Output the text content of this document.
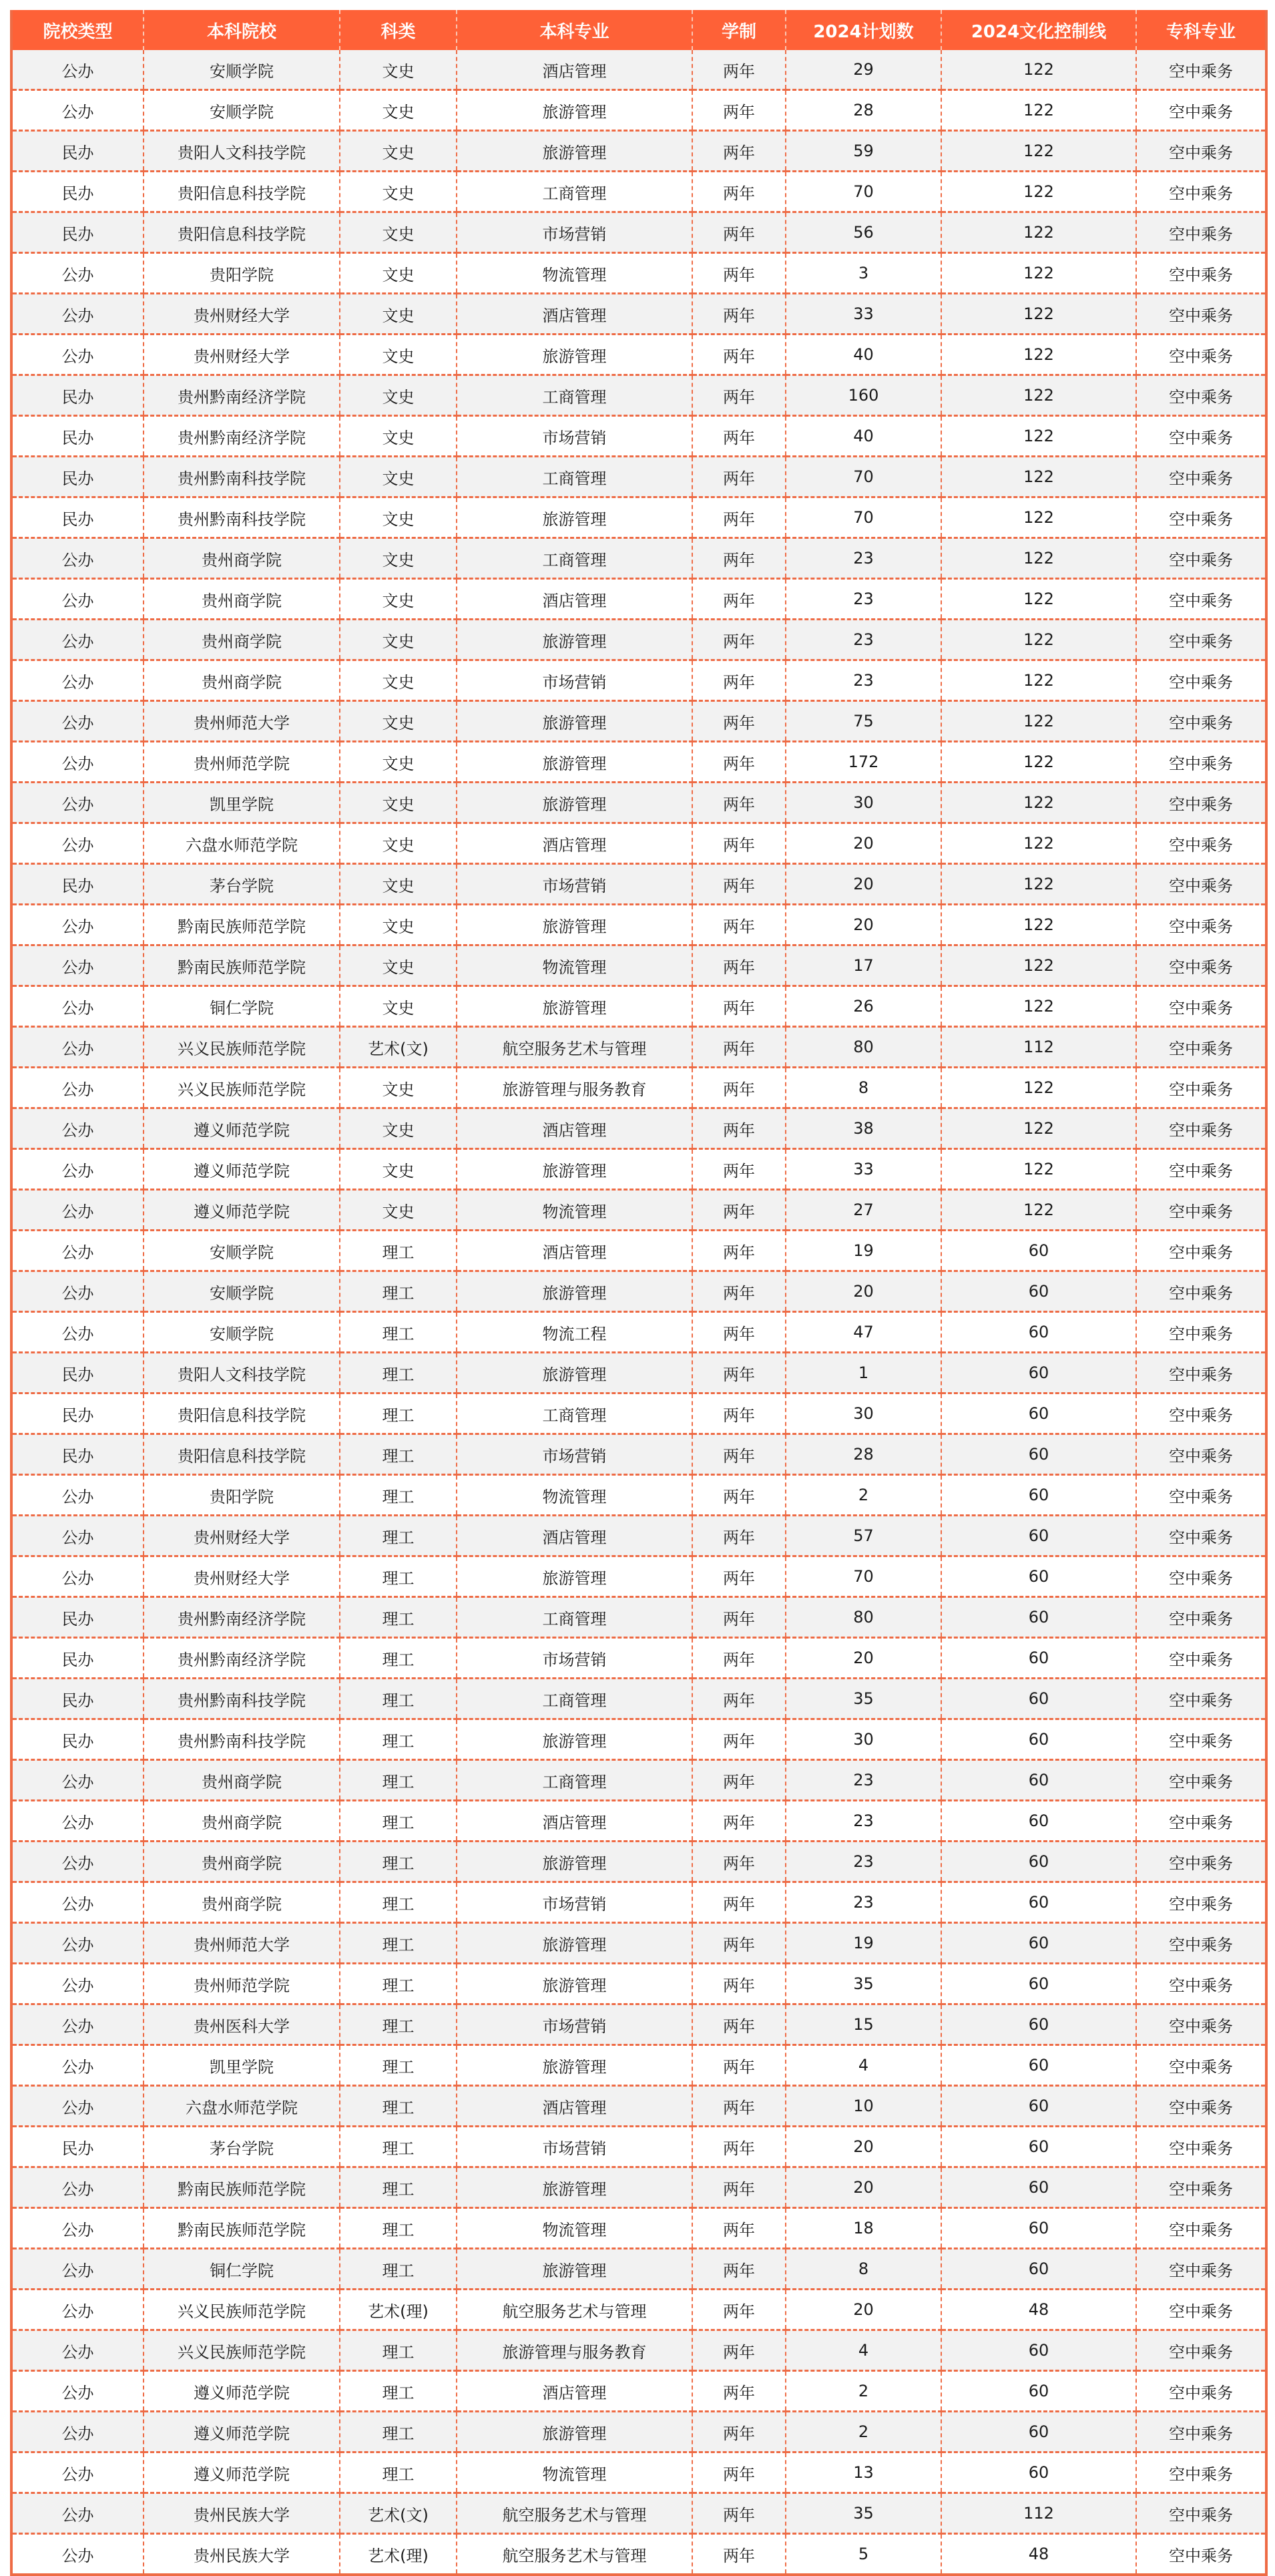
院校类型	本科院校	科类	本科专业	学制	2024计划数	2024文化控制线	专科专业
公办	安顺学院	文史	酒店管理	两年	29	122	空中乘务
公办	安顺学院	文史	旅游管理	两年	28	122	空中乘务
民办	贵阳人文科技学院	文史	旅游管理	两年	59	122	空中乘务
民办	贵阳信息科技学院	文史	工商管理	两年	70	122	空中乘务
民办	贵阳信息科技学院	文史	市场营销	两年	56	122	空中乘务
公办	贵阳学院	文史	物流管理	两年	3	122	空中乘务
公办	贵州财经大学	文史	酒店管理	两年	33	122	空中乘务
公办	贵州财经大学	文史	旅游管理	两年	40	122	空中乘务
民办	贵州黔南经济学院	文史	工商管理	两年	160	122	空中乘务
民办	贵州黔南经济学院	文史	市场营销	两年	40	122	空中乘务
民办	贵州黔南科技学院	文史	工商管理	两年	70	122	空中乘务
民办	贵州黔南科技学院	文史	旅游管理	两年	70	122	空中乘务
公办	贵州商学院	文史	工商管理	两年	23	122	空中乘务
公办	贵州商学院	文史	酒店管理	两年	23	122	空中乘务
公办	贵州商学院	文史	旅游管理	两年	23	122	空中乘务
公办	贵州商学院	文史	市场营销	两年	23	122	空中乘务
公办	贵州师范大学	文史	旅游管理	两年	75	122	空中乘务
公办	贵州师范学院	文史	旅游管理	两年	172	122	空中乘务
公办	凯里学院	文史	旅游管理	两年	30	122	空中乘务
公办	六盘水师范学院	文史	酒店管理	两年	20	122	空中乘务
民办	茅台学院	文史	市场营销	两年	20	122	空中乘务
公办	黔南民族师范学院	文史	旅游管理	两年	20	122	空中乘务
公办	黔南民族师范学院	文史	物流管理	两年	17	122	空中乘务
公办	铜仁学院	文史	旅游管理	两年	26	122	空中乘务
公办	兴义民族师范学院	艺术(文)	航空服务艺术与管理	两年	80	112	空中乘务
公办	兴义民族师范学院	文史	旅游管理与服务教育	两年	8	122	空中乘务
公办	遵义师范学院	文史	酒店管理	两年	38	122	空中乘务
公办	遵义师范学院	文史	旅游管理	两年	33	122	空中乘务
公办	遵义师范学院	文史	物流管理	两年	27	122	空中乘务
公办	安顺学院	理工	酒店管理	两年	19	60	空中乘务
公办	安顺学院	理工	旅游管理	两年	20	60	空中乘务
公办	安顺学院	理工	物流工程	两年	47	60	空中乘务
民办	贵阳人文科技学院	理工	旅游管理	两年	1	60	空中乘务
民办	贵阳信息科技学院	理工	工商管理	两年	30	60	空中乘务
民办	贵阳信息科技学院	理工	市场营销	两年	28	60	空中乘务
公办	贵阳学院	理工	物流管理	两年	2	60	空中乘务
公办	贵州财经大学	理工	酒店管理	两年	57	60	空中乘务
公办	贵州财经大学	理工	旅游管理	两年	70	60	空中乘务
民办	贵州黔南经济学院	理工	工商管理	两年	80	60	空中乘务
民办	贵州黔南经济学院	理工	市场营销	两年	20	60	空中乘务
民办	贵州黔南科技学院	理工	工商管理	两年	35	60	空中乘务
民办	贵州黔南科技学院	理工	旅游管理	两年	30	60	空中乘务
公办	贵州商学院	理工	工商管理	两年	23	60	空中乘务
公办	贵州商学院	理工	酒店管理	两年	23	60	空中乘务
公办	贵州商学院	理工	旅游管理	两年	23	60	空中乘务
公办	贵州商学院	理工	市场营销	两年	23	60	空中乘务
公办	贵州师范大学	理工	旅游管理	两年	19	60	空中乘务
公办	贵州师范学院	理工	旅游管理	两年	35	60	空中乘务
公办	贵州医科大学	理工	市场营销	两年	15	60	空中乘务
公办	凯里学院	理工	旅游管理	两年	4	60	空中乘务
公办	六盘水师范学院	理工	酒店管理	两年	10	60	空中乘务
民办	茅台学院	理工	市场营销	两年	20	60	空中乘务
公办	黔南民族师范学院	理工	旅游管理	两年	20	60	空中乘务
公办	黔南民族师范学院	理工	物流管理	两年	18	60	空中乘务
公办	铜仁学院	理工	旅游管理	两年	8	60	空中乘务
公办	兴义民族师范学院	艺术(理)	航空服务艺术与管理	两年	20	48	空中乘务
公办	兴义民族师范学院	理工	旅游管理与服务教育	两年	4	60	空中乘务
公办	遵义师范学院	理工	酒店管理	两年	2	60	空中乘务
公办	遵义师范学院	理工	旅游管理	两年	2	60	空中乘务
公办	遵义师范学院	理工	物流管理	两年	13	60	空中乘务
公办	贵州民族大学	艺术(文)	航空服务艺术与管理	两年	35	112	空中乘务
公办	贵州民族大学	艺术(理)	航空服务艺术与管理	两年	5	48	空中乘务
